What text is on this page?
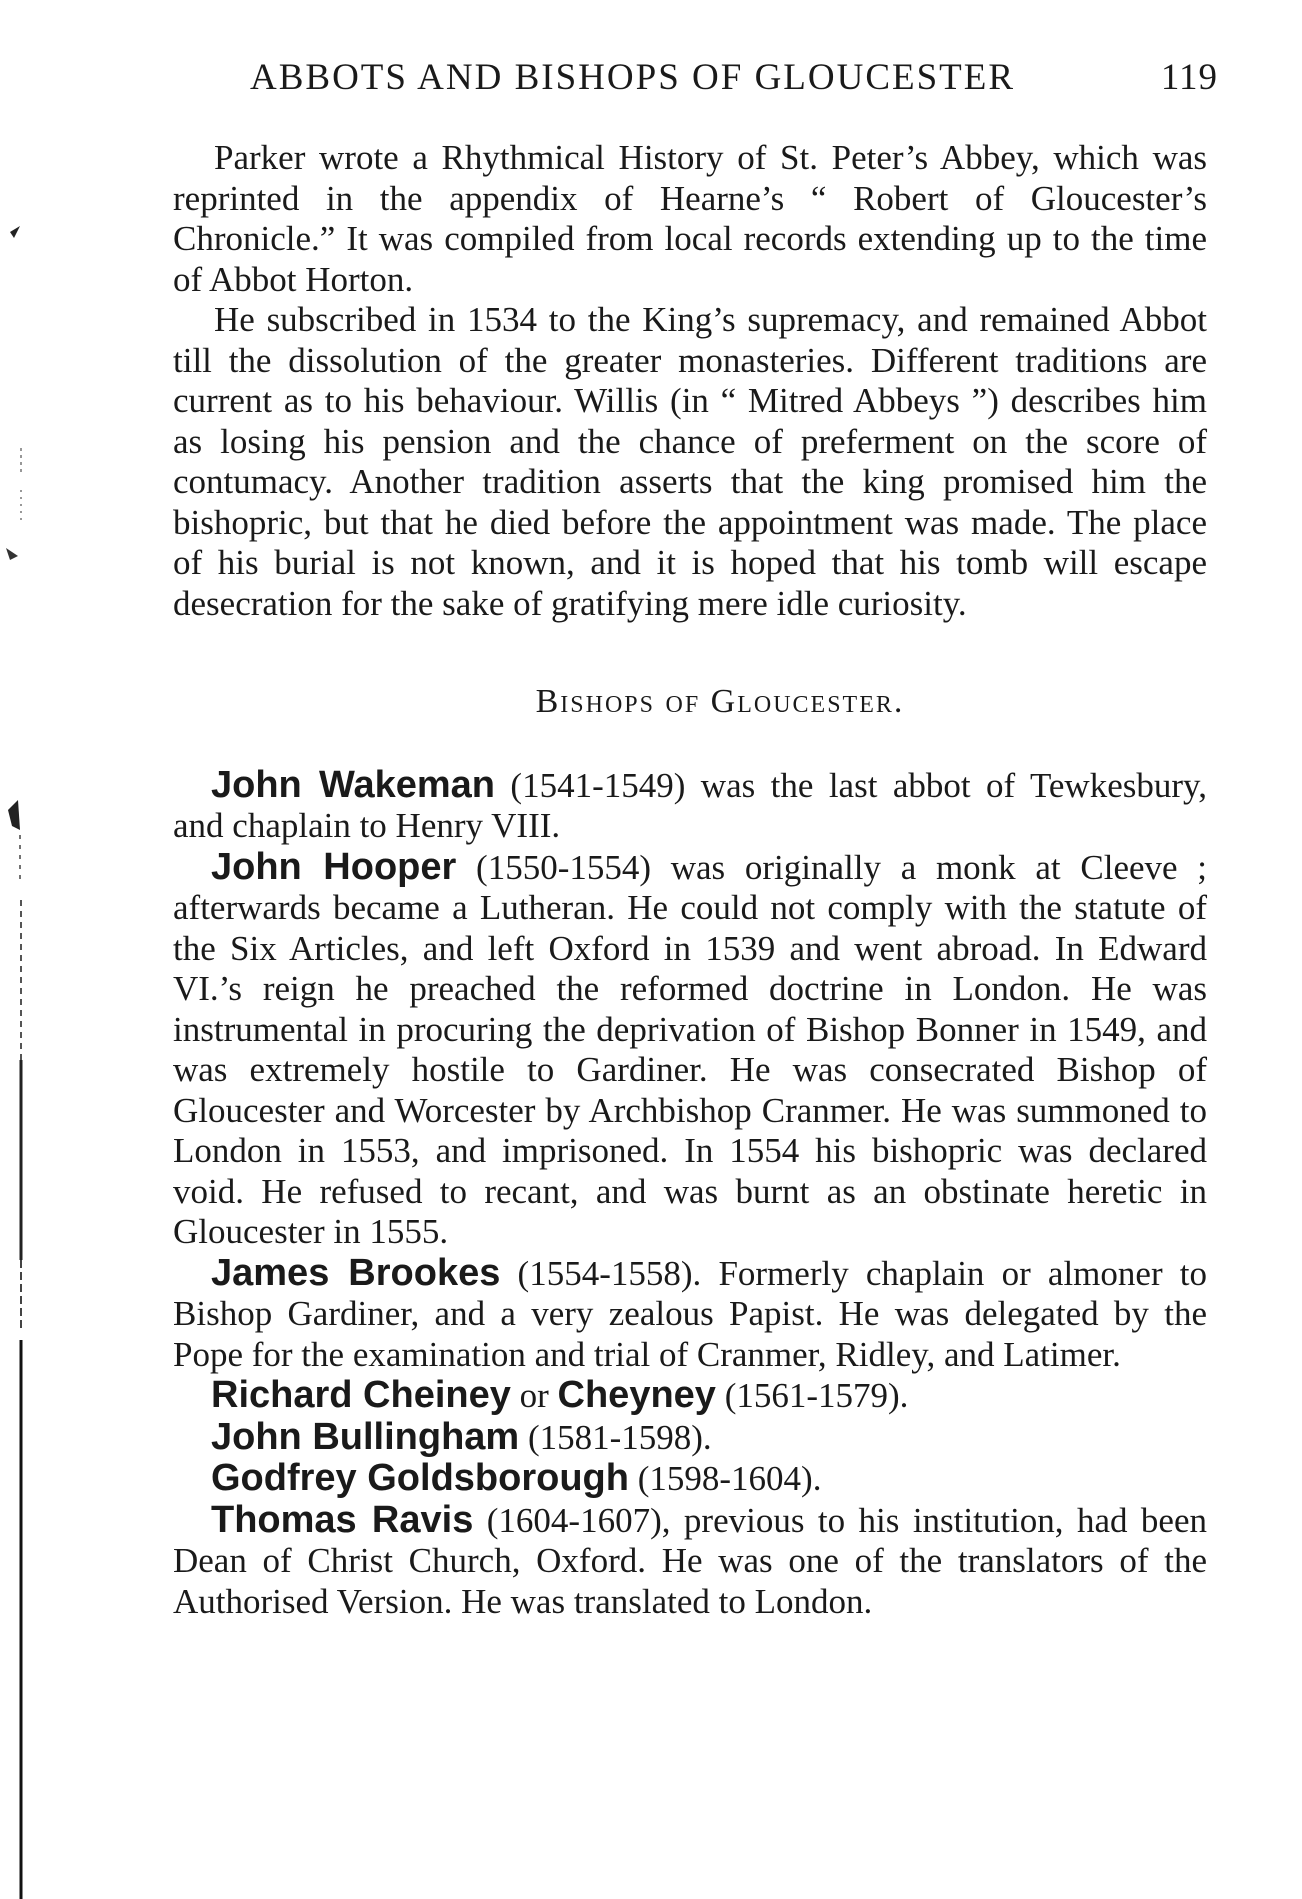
ABBOTS AND BISHOPS OF GLOUCESTER	119

Parker wrote a Rhythmical History of St. Peter’s Abbey, which was reprinted in the appendix of Hearne’s “ Robert of Gloucester’s Chronicle.” It was compiled from local records extending up to the time of Abbot Horton.

He subscribed in 1534 to the King’s supremacy, and remained Abbot till the dissolution of the greater monasteries. Different traditions are current as to his behaviour. Willis (in “ Mitred Abbeys ”) describes him as losing his pension and the chance of preferment on the score of contumacy. Another tradition asserts that the king promised him the bishopric, but that he died before the appointment was made. The place of his burial is not known, and it is hoped that his tomb will escape desecration for the sake of gratifying mere idle curiosity.

Bishops of Gloucester.

John Wakeman (1541-1549) was the last abbot of Tewkesbury, and chaplain to Henry VIII.

John Hooper (1550-1554) was originally a monk at Cleeve ; afterwards became a Lutheran. He could not comply with the statute of the Six Articles, and left Oxford in 1539 and went abroad. In Edward VI.’s reign he preached the reformed doctrine in London. He was instrumental in procuring the deprivation of Bishop Bonner in 1549, and was extremely hostile to Gardiner. He was consecrated Bishop of Gloucester and Worcester by Archbishop Cranmer. He was summoned to London in 1553, and imprisoned. In 1554 his bishopric was declared void. He refused to recant, and was burnt as an obstinate heretic in Gloucester in 1555.

James Brookes (1554-1558). Formerly chaplain or almoner to Bishop Gardiner, and a very zealous Papist. He was delegated by the Pope for the examination and trial of Cranmer, Ridley, and Latimer.

Richard Cheiney or Cheyney (1561-1579).

John Bullingham (1581-1598).

Godfrey Goldsborough (1598-1604).

Thomas Ravis (1604-1607), previous to his institution, had been Dean of Christ Church, Oxford. He was one of the translators of the Authorised Version. He was translated to London.
